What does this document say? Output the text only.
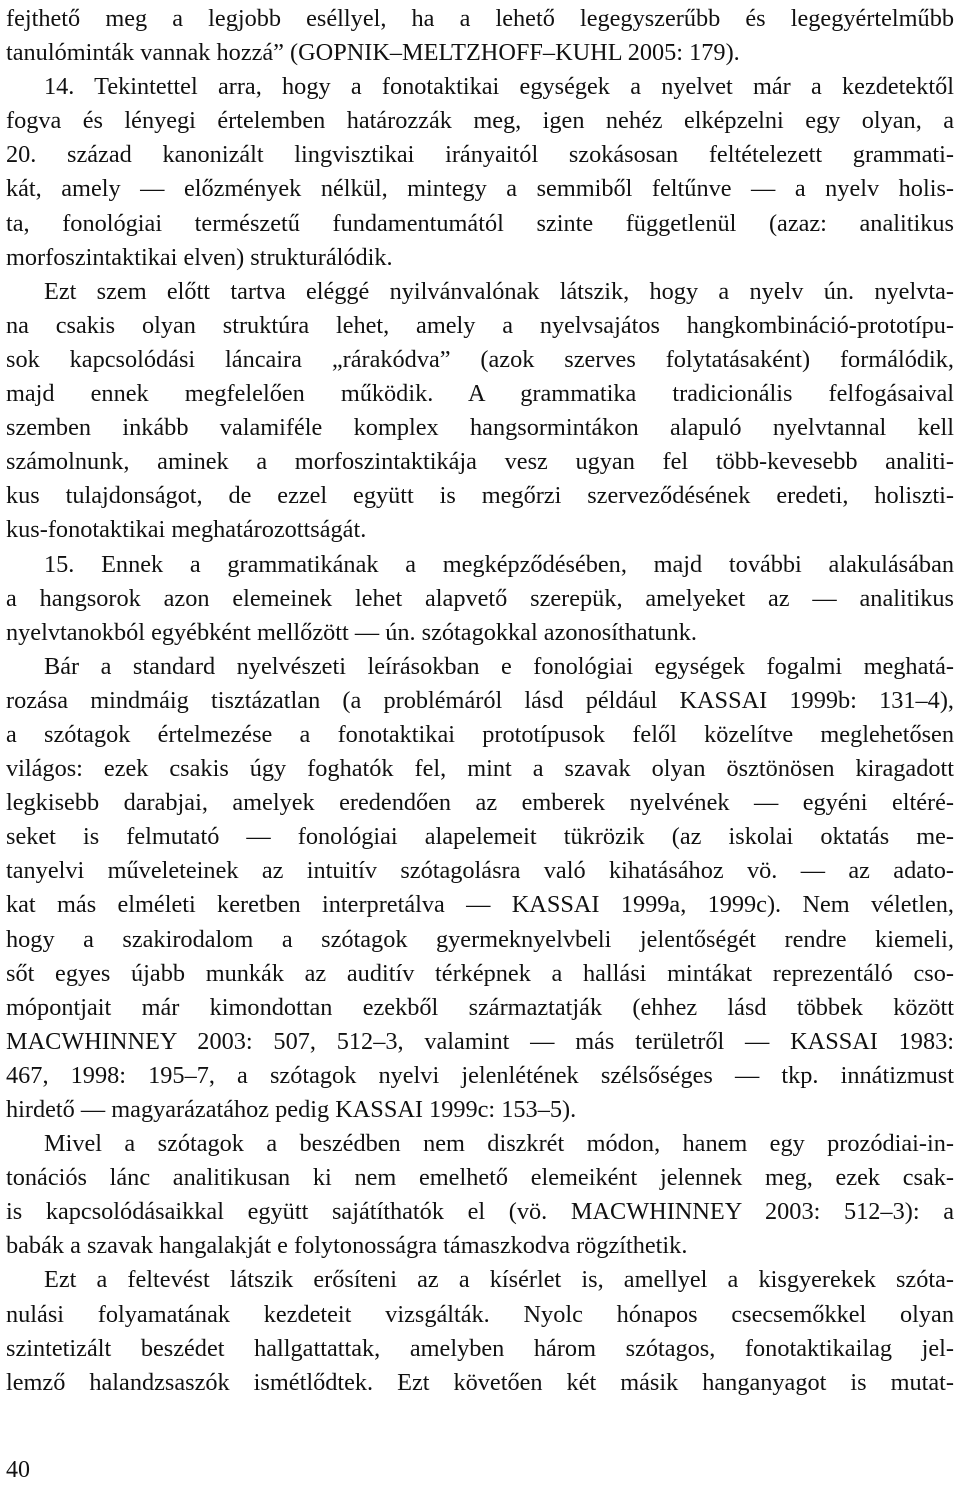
fejthető meg a legjobb eséllyel, ha a lehető legegyszerűbb és legegyértelműbb
tanulóminták vannak hozzá” (GOPNIK–MELTZHOFF–KUHL 2005: 179).
14. Tekintettel arra, hogy a fonotaktikai egységek a nyelvet már a kezdetektől
fogva és lényegi értelemben határozzák meg, igen nehéz elképzelni egy olyan, a
20. század kanonizált lingvisztikai irányaitól szokásosan feltételezett grammati-
kát, amely — előzmények nélkül, mintegy a semmiből feltűnve — a nyelv holis-
ta, fonológiai természetű fundamentumától szinte függetlenül (azaz: analitikus
morfoszintaktikai elven) strukturálódik.
Ezt szem előtt tartva eléggé nyilvánvalónak látszik, hogy a nyelv ún. nyelvta-
na csakis olyan struktúra lehet, amely a nyelvsajátos hangkombináció-prototípu-
sok kapcsolódási láncaira „rárakódva” (azok szerves folytatásaként) formálódik,
majd ennek megfelelően működik. A grammatika tradicionális felfogásaival
szemben inkább valamiféle komplex hangsormintákon alapuló nyelvtannal kell
számolnunk, aminek a morfoszintaktikája vesz ugyan fel több-kevesebb analiti-
kus tulajdonságot, de ezzel együtt is megőrzi szerveződésének eredeti, holiszti-
kus-fonotaktikai meghatározottságát.
15. Ennek a grammatikának a megképződésében, majd további alakulásában
a hangsorok azon elemeinek lehet alapvető szerepük, amelyeket az — analitikus
nyelvtanokból egyébként mellőzött — ún. szótagokkal azonosíthatunk.
Bár a standard nyelvészeti leírásokban e fonológiai egységek fogalmi meghatá-
rozása mindmáig tisztázatlan (a problémáról lásd például KASSAI 1999b: 131–4),
a szótagok értelmezése a fonotaktikai prototípusok felől közelítve meglehetősen
világos: ezek csakis úgy foghatók fel, mint a szavak olyan ösztönösen kiragadott
legkisebb darabjai, amelyek eredendően az emberek nyelvének — egyéni eltéré-
seket is felmutató — fonológiai alapelemeit tükrözik (az iskolai oktatás me-
tanyelvi műveleteinek az intuitív szótagolásra való kihatásához vö. — az adato-
kat más elméleti keretben interpretálva — KASSAI 1999a, 1999c). Nem véletlen,
hogy a szakirodalom a szótagok gyermeknyelvbeli jelentőségét rendre kiemeli,
sőt egyes újabb munkák az auditív térképnek a hallási mintákat reprezentáló cso-
mópontjait már kimondottan ezekből származtatják (ehhez lásd többek között
MACWHINNEY 2003: 507, 512–3, valamint — más területről — KASSAI 1983:
467, 1998: 195–7, a szótagok nyelvi jelenlétének szélsőséges — tkp. innátizmust
hirdető — magyarázatához pedig KASSAI 1999c: 153–5).
Mivel a szótagok a beszédben nem diszkrét módon, hanem egy prozódiai-in-
tonációs lánc analitikusan ki nem emelhető elemeiként jelennek meg, ezek csak-
is kapcsolódásaikkal együtt sajátíthatók el (vö. MACWHINNEY 2003: 512–3): a
babák a szavak hangalakját e folytonosságra támaszkodva rögzíthetik.
Ezt a feltevést látszik erősíteni az a kísérlet is, amellyel a kisgyerekek szóta-
nulási folyamatának kezdeteit vizsgálták. Nyolc hónapos csecsemőkkel olyan
szintetizált beszédet hallgattattak, amelyben három szótagos, fonotaktikailag jel-
lemző halandzsaszók ismétlődtek. Ezt követően két másik hanganyagot is mutat-
40
